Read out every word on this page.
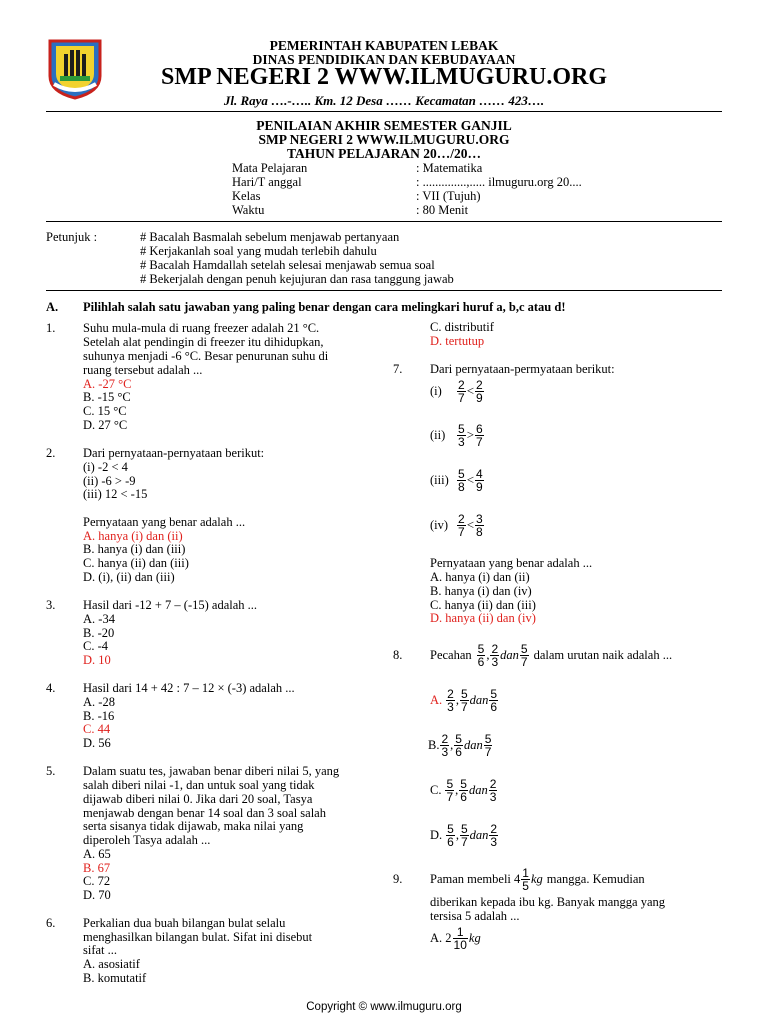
PEMERINTAH KABUPATEN LEBAK
DINAS PENDIDIKAN DAN KEBUDAYAAN
SMP NEGERI 2 WWW.ILMUGURU.ORG
Jl. Raya ….-….. Km. 12 Desa …… Kecamatan …… 423….
PENILAIAN AKHIR SEMESTER GANJIL
SMP NEGERI 2 WWW.ILMUGURU.ORG
TAHUN PELAJARAN 20…/20…
Mata Pelajaran	: Matematika
Hari/T anggal	: ..............,..... ilmuguru.org 20....
Kelas	: VII (Tujuh)
Waktu	: 80 Menit
Petunjuk :	# Bacalah Basmalah sebelum menjawab pertanyaan
# Kerjakanlah soal yang mudah terlebih dahulu
# Bacalah Hamdallah setelah selesai menjawab semua soal
# Bekerjalah dengan penuh kejujuran dan rasa tanggung jawab
A. Pilihlah salah satu jawaban yang paling benar dengan cara melingkari huruf a, b,c atau d!
1. Suhu mula-mula di ruang freezer adalah 21 °C.
Setelah alat pendingin di freezer itu dihidupkan,
suhunya menjadi -6 °C. Besar penurunan suhu di
ruang tersebut adalah ...
A. -27 °C
B. -15 °C
C. 15 °C
D. 27 °C
2. Dari pernyataan-pernyataan berikut:
(i) -2 < 4
(ii) -6 > -9
(iii) 12 < -15
Pernyataan yang benar adalah ...
A. hanya (i) dan (ii)
B. hanya (i) dan (iii)
C. hanya (ii) dan (iii)
D. (i), (ii) dan (iii)
3. Hasil dari -12 + 7 – (-15) adalah ...
A. -34
B. -20
C. -4
D. 10
4. Hasil dari 14 + 42 : 7 – 12 × (-3) adalah ...
A. -28
B. -16
C. 44
D. 56
5. Dalam suatu tes, jawaban benar diberi nilai 5, yang
salah diberi nilai -1, dan untuk soal yang tidak
dijawab diberi nilai 0. Jika dari 20 soal, Tasya
menjawab dengan benar 14 soal dan 3 soal salah
serta sisanya tidak dijawab, maka nilai yang
diperoleh Tasya adalah ...
A. 65
B. 67
C. 72
D. 70
6. Perkalian dua buah bilangan bulat selalu
menghasilkan bilangan bulat. Sifat ini disebut
sifat ...
A. asosiatif
B. komutatif
C. distributif
D. tertutup
7. Dari pernyataan-permyataan berikut:
(i)	$\frac{2}{7} < \frac{2}{9}$
$(ii) \frac{5}{3} > \frac{6}{7}$
$(iii) \frac{5}{8} < \frac{4}{9}$
$(iv) \frac{2}{7} < \frac{3}{8}$
Pernyataan yang benar adalah ...
A. hanya (i) dan (ii)
B. hanya (i) dan (iv)
C. hanya (ii) dan (iii)
D. hanya (ii) dan (iv)
8. Pecahan $\frac{5}{6}$ , $\frac{2}{3}$ dan $\frac{5}{7}$ dalam urutan naik adalah ...
A. $\frac{2}{3}$ , $\frac{5}{7}$ dan $\frac{5}{6}$
B. $\frac{2}{3}$ , $\frac{5}{6}$ dan $\frac{5}{7}$
C. $\frac{5}{7}$ , $\frac{5}{6}$ dan $\frac{2}{3}$
D. $\frac{5}{6}$ , $\frac{5}{7}$ dan $\frac{2}{3}$
9. Paman membeli $4 \frac{1}{5}$ kg mangga. Kemudian
diberikan kepada ibu kg. Banyak mangga yang
tersisa 5 adalah ...
A. $2 \frac{1}{10}$ kg
Copyright © www.ilmuguru.org
